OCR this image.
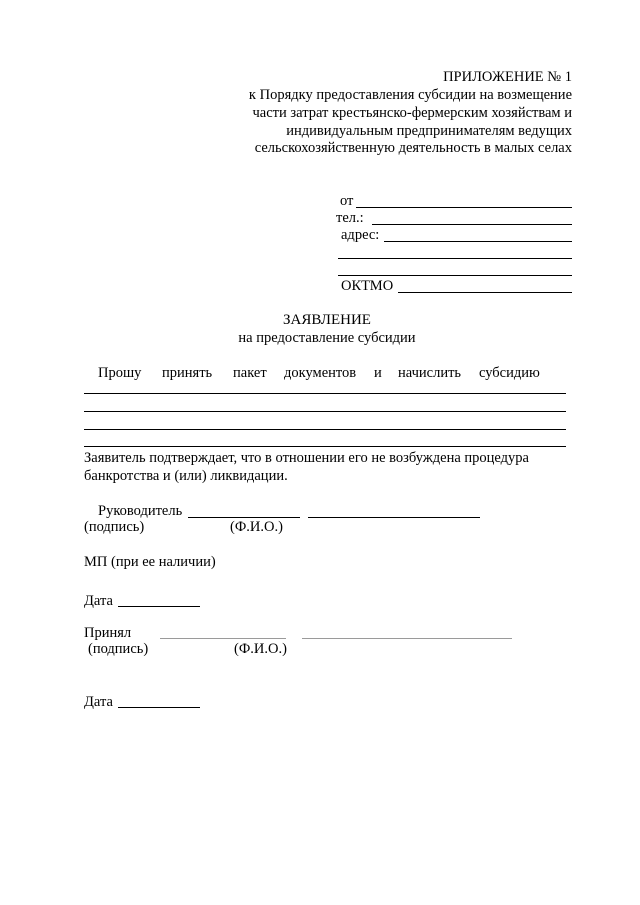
ПРИЛОЖЕНИЕ № 1
к Порядку предоставления субсидии на возмещение
части затрат крестьянско-фермерским хозяйствам и
индивидуальным предпринимателям ведущих
сельскохозяйственную деятельность в малых селах
от
тел.:
адрес:
ОКТМО
ЗАЯВЛЕНИЕ
на предоставление субсидии
Прошу принять пакет документов и начислить субсидию
Заявитель подтверждает, что в отношении его не возбуждена процедура
банкротства и (или) ликвидации.
Руководитель
(подпись)	(Ф.И.О.)
МП (при ее наличии)
Дата
Принял
(подпись)	(Ф.И.О.)
Дата
